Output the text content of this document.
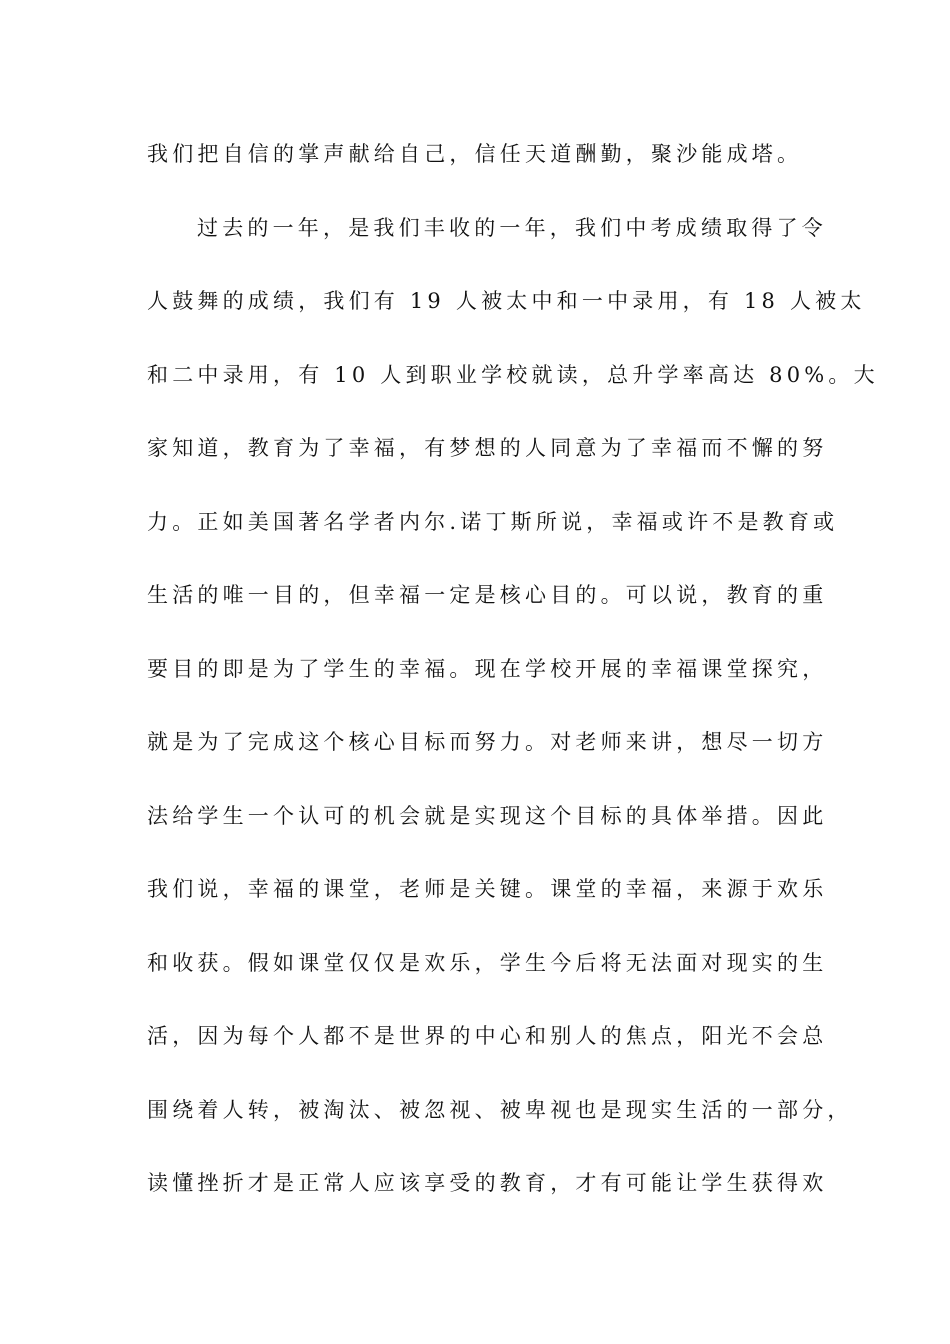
我们把自信的掌声献给自己，信任天道酬勤，聚沙能成塔。
过去的一年，是我们丰收的一年，我们中考成绩取得了令
人鼓舞的成绩，我们有 19 人被太中和一中录用，有 18 人被太
和二中录用，有 10 人到职业学校就读，总升学率高达 80%。大
家知道，教育为了幸福，有梦想的人同意为了幸福而不懈的努
力。正如美国著名学者内尔.诺丁斯所说，幸福或许不是教育或
生活的唯一目的，但幸福一定是核心目的。可以说，教育的重
要目的即是为了学生的幸福。现在学校开展的幸福课堂探究，
就是为了完成这个核心目标而努力。对老师来讲，想尽一切方
法给学生一个认可的机会就是实现这个目标的具体举措。因此
我们说，幸福的课堂，老师是关键。课堂的幸福，来源于欢乐
和收获。假如课堂仅仅是欢乐，学生今后将无法面对现实的生
活，因为每个人都不是世界的中心和别人的焦点，阳光不会总
围绕着人转，被淘汰、被忽视、被卑视也是现实生活的一部分，
读懂挫折才是正常人应该享受的教育，才有可能让学生获得欢
